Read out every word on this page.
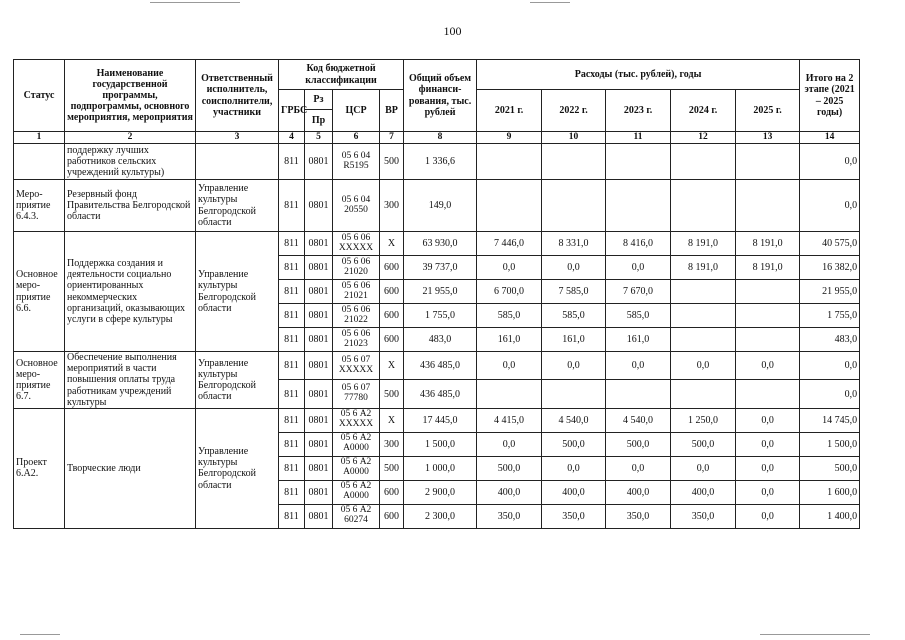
100
Статус	Наименование государственной программы, подпрограммы, основного мероприятия, мероприятия	Ответственный исполнитель, соисполнители, участники	Код бюджетной классификации				Общий объем финанси-рования, тыс. рублей	Расходы (тыс. рублей), годы					Итого на 2 этапе (2021 – 2025 годы)
			ГРБС	Рз	ЦСР	ВР		2021 г.	2022 г.	2023 г.	2024 г.	2025 г.	
				Пр									
1	2	3	4	5	6	7	8	9	10	11	12	13	14
	поддержку лучших работников сельских учреждений культуры)		811	0801	05 6 04 R5195	500	1 336,6						0,0
Меро-приятие 6.4.3.	Резервный фонд Правительства Белгородской области	Управление культуры Белгородской области	811	0801	05 6 04 20550	300	149,0						0,0
Основное меро-приятие 6.6.	Поддержка создания и деятельности социально ориентированных некоммерческих организаций, оказывающих услуги в сфере культуры	Управление культуры Белгородской области	811	0801	05 6 06 XXXXX	X	63 930,0	7 446,0	8 331,0	8 416,0	8 191,0	8 191,0	40 575,0
			811	0801	05 6 06 21020	600	39 737,0	0,0	0,0	0,0	8 191,0	8 191,0	16 382,0
			811	0801	05 6 06 21021	600	21 955,0	6 700,0	7 585,0	7 670,0			21 955,0
			811	0801	05 6 06 21022	600	1 755,0	585,0	585,0	585,0			1 755,0
			811	0801	05 6 06 21023	600	483,0	161,0	161,0	161,0			483,0
Основное меро-приятие 6.7.	Обеспечение выполнения мероприятий в части повышения оплаты труда работникам учреждений культуры	Управление культуры Белгородской области	811	0801	05 6 07 XXXXX	X	436 485,0	0,0	0,0	0,0	0,0	0,0	0,0
			811	0801	05 6 07 77780	500	436 485,0						0,0
Проект 6.А2.	Творческие люди	Управление культуры Белгородской области	811	0801	05 6 А2 XXXXX	X	17 445,0	4 415,0	4 540,0	4 540,0	1 250,0	0,0	14 745,0
			811	0801	05 6 А2 А0000	300	1 500,0	0,0	500,0	500,0	500,0	0,0	1 500,0
			811	0801	05 6 А2 А0000	500	1 000,0	500,0	0,0	0,0	0,0	0,0	500,0
			811	0801	05 6 А2 А0000	600	2 900,0	400,0	400,0	400,0	400,0	0,0	1 600,0
			811	0801	05 6 А2 60274	600	2 300,0	350,0	350,0	350,0	350,0	0,0	1 400,0
